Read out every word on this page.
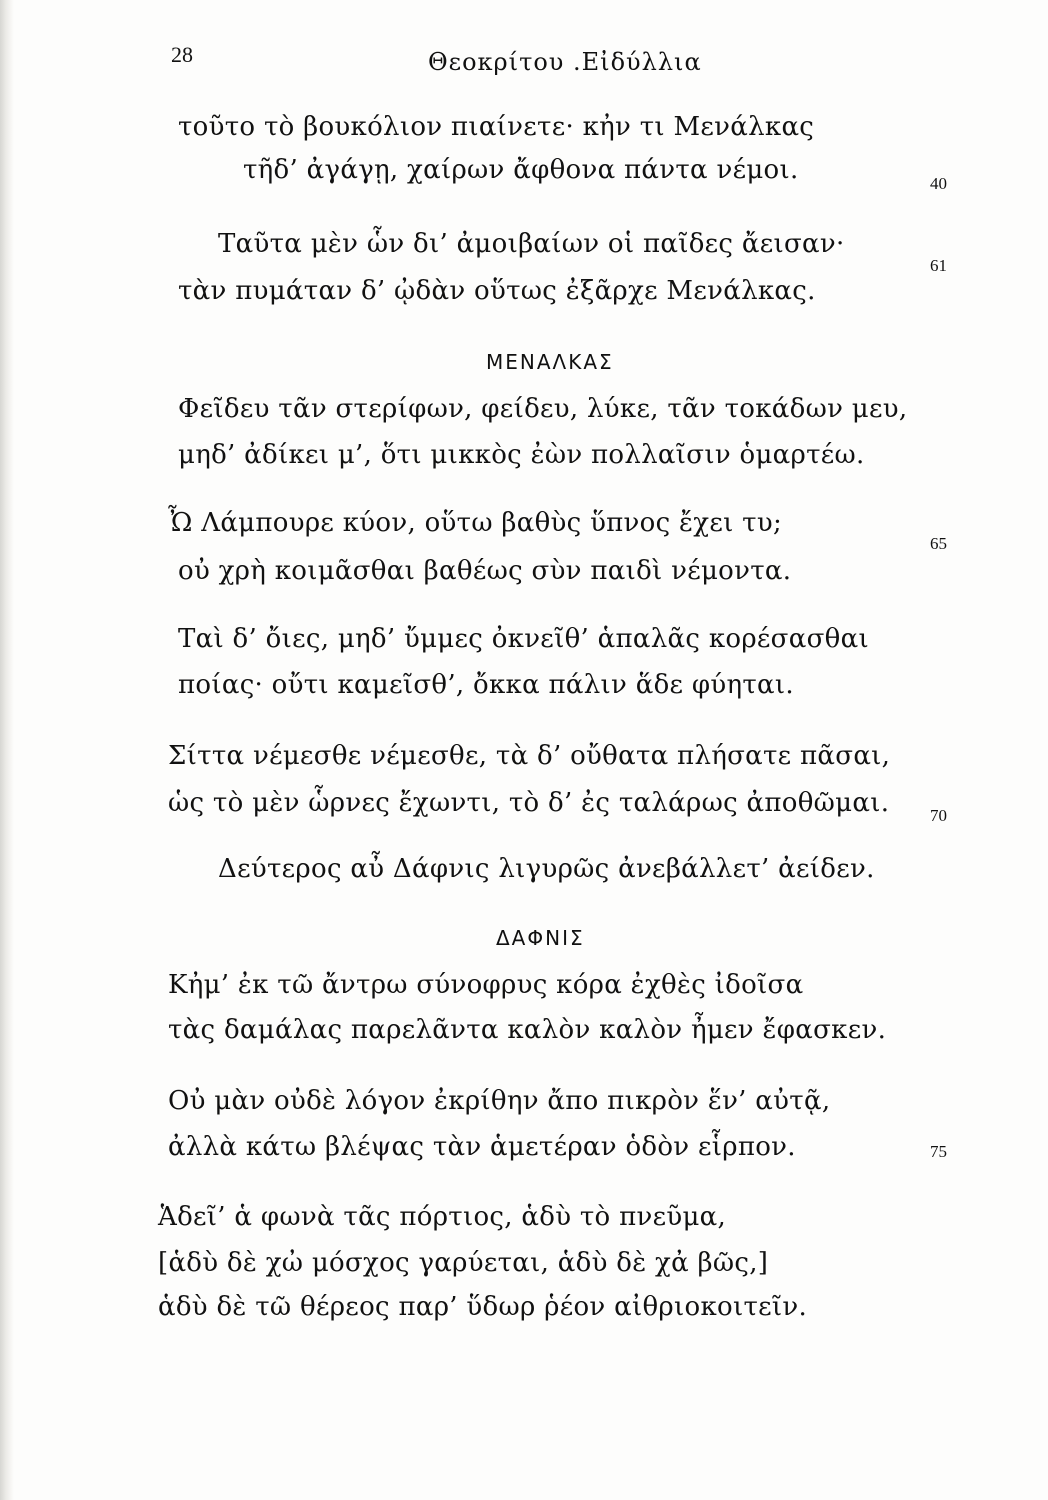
28	Θεοκρίτου .Εἰδύλλια
τοῦτο τὸ βουκόλιον πιαίνετε· κἠν τι Μενάλκας
τῆδ’ ἀγάγῃ, χαίρων ἄφθονα πάντα νέμοι.	40
Ταῦτα μὲν ὧν δι’ ἀμοιβαίων οἱ παῖδες ἄεισαν·
τὰν πυμάταν δ’ ᾠδὰν οὕτως ἐξᾶρχε Μενάλκας.
61
ΜΕΝΑΛΚΑΣ
Φεῖδευ τᾶν στερίφων, φείδευ, λύκε, τᾶν τοκάδων μευ,
μηδ’ ἀδίκει μ’, ὅτι μικκὸς ἐὼν πολλαῖσιν ὁμαρτέω.
Ὦ Λάμπουρε κύον, οὕτω βαθὺς ὕπνος ἔχει τυ;
οὐ χρὴ κοιμᾶσθαι βαθέως σὺν παιδὶ νέμοντα.
65
Ταὶ δ’ ὄιες, μηδ’ ὔμμες ὀκνεῖθ’ ἁπαλᾶς κορέσασθαι
ποίας· οὔτι καμεῖσθ’, ὄκκα πάλιν ἅδε φύηται.
Σίττα νέμεσθε νέμεσθε, τὰ δ’ οὔθατα πλήσατε πᾶσαι,
ὡς τὸ μὲν ὧρνες ἔχωντι, τὸ δ’ ἐς ταλάρως ἀποθῶμαι. 70
Δεύτερος αὖ Δάφνις λιγυρῶς ἀνεβάλλετ’ ἀείδεν.
ΔΑΦΝΙΣ
Κἠμ’ ἐκ τῶ ἄντρω σύνοφρυς κόρα ἐχθὲς ἰδοῖσα
τὰς δαμάλας παρελᾶντα καλὸν καλὸν ἦμεν ἔφασκεν.
Οὐ μὰν οὐδὲ λόγον ἐκρίθην ἄπο πικρὸν ἕν’ αὐτᾷ,
ἀλλὰ κάτω βλέψας τὰν ἁμετέραν ὁδὸν εἷρπον.	75
Ἁδεῖ’ ἁ φωνὰ τᾶς πόρτιος, ἁδὺ τὸ πνεῦμα,
[ἁδὺ δὲ χὠ μόσχος γαρύεται, ἁδὺ δὲ χἀ βῶς,]
ἁδὺ δὲ τῶ θέρεος παρ’ ὕδωρ ῥέον αἰθριοκοιτεῖν.
